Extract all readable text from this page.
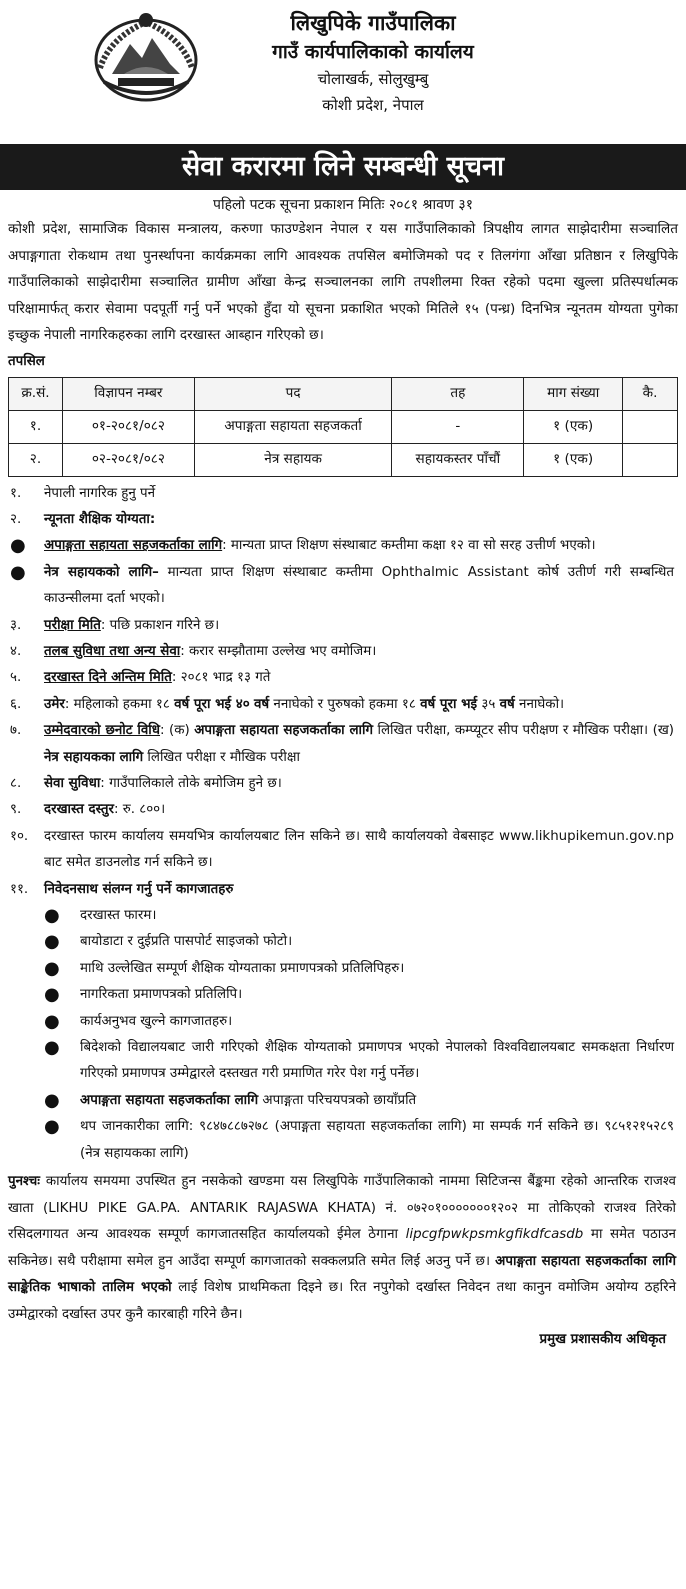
लिखुपिके गाउँपालिका
गाउँ कार्यपालिकाको कार्यालय
चोलाखर्क, सोलुखुम्बु
कोशी प्रदेश, नेपाल
सेवा करारमा लिने सम्बन्धी सूचना
पहिलो पटक सूचना प्रकाशन मितिः २०८१ श्रावण ३१
कोशी प्रदेश, सामाजिक विकास मन्त्रालय, करुणा फाउण्डेशन नेपाल र यस गाउँपालिकाको त्रिपक्षीय लागत साझेदारीमा सञ्चालित अपाङ्गगाता रोकथाम तथा पुनर्स्थापना कार्यक्रमका लागि आवश्यक तपसिल बमोजिमको पद र तिलगंगा आँखा प्रतिष्ठान र लिखुपिके गाउँपालिकाको साझेदारीमा सञ्चालित ग्रामीण आँखा केन्द्र सञ्चालनका लागि तपशीलमा रिक्त रहेको पदमा खुल्ला प्रतिस्पर्धात्मक परिक्षामार्फत् करार सेवामा पदपूर्ती गर्नु पर्ने भएको हुँदा यो सूचना प्रकाशित भएको मितिले १५ (पन्ध्र) दिनभित्र न्यूनतम योग्यता पुगेका इच्छुक नेपाली नागरिकहरुका लागि दरखास्त आब्हान गरिएको छ।
तपसिल
क्र.सं.	विज्ञापन नम्बर	पद	तह	माग संख्या	कै.
१.	०१-२०८१/०८२	अपाङ्गता सहायता सहजकर्ता	-	१ (एक)	
२.	०२-२०८१/०८२	नेत्र सहायक	सहायकस्तर पाँचौं	१ (एक)	
१.	नेपाली नागरिक हुनु पर्ने
२.	न्यूनता शैक्षिक योग्यता:
●	अपाङ्गता सहायता सहजकर्ताका लागि: मान्यता प्राप्त शिक्षण संस्थाबाट कम्तीमा कक्षा १२ वा सो सरह उत्तीर्ण भएको।
●	नेत्र सहायकको लागि– मान्यता प्राप्त शिक्षण संस्थाबाट कम्तीमा Ophthalmic Assistant कोर्ष उतीर्ण गरी सम्बन्धित काउन्सीलमा दर्ता भएको।
३.	परीक्षा मिति: पछि प्रकाशन गरिने छ।
४.	तलब सुविधा तथा अन्य सेवा: करार सम्झौतामा उल्लेख भए वमोजिम।
५.	दरखास्त दिने अन्तिम मिति: २०८१ भाद्र १३ गते
६.	उमेर: महिलाको हकमा १८ वर्ष पूरा भई ४० वर्ष ननाघेको र पुरुषको हकमा १८ वर्ष पूरा भई ३५ वर्ष ननाघेको।
७.	उम्मेदवारको छनोट विधि: (क) अपाङ्गता सहायता सहजकर्ताका लागि लिखित परीक्षा, कम्प्यूटर सीप परीक्षण र मौखिक परीक्षा। (ख) नेत्र सहायकका लागि लिखित परीक्षा र मौखिक परीक्षा
८.	सेवा सुविधा: गाउँपालिकाले तोके बमोजिम हुने छ।
९.	दरखास्त दस्तुर: रु. ८००।
१०.	दरखास्त फारम कार्यालय समयभित्र कार्यालयबाट लिन सकिने छ। साथै कार्यालयको वेबसाइट www.likhupikemun.gov.np बाट समेत डाउनलोड गर्न सकिने छ।
११.	निवेदनसाथ संलग्न गर्नु पर्ने कागजातहरु
●	दरखास्त फारम।
●	बायोडाटा र दुईप्रति पासपोर्ट साइजको फोटो।
●	माथि उल्लेखित सम्पूर्ण शैक्षिक योग्यताका प्रमाणपत्रको प्रतिलिपिहरु।
●	नागरिकता प्रमाणपत्रको प्रतिलिपि।
●	कार्यअनुभव खुल्ने कागजातहरु।
●	बिदेशको विद्यालयबाट जारी गरिएको शैक्षिक योग्यताको प्रमाणपत्र भएको नेपालको विश्वविद्यालयबाट समकक्षता निर्धारण गरिएको प्रमाणपत्र उम्मेद्वारले दस्तखत गरी प्रमाणित गरेर पेश गर्नु पर्नेछ।
●	अपाङ्गता सहायता सहजकर्ताका लागि अपाङ्गता परिचयपत्रको छायाँप्रति
●	थप जानकारीका लागि: ९८४७८८७२७८ (अपाङ्गता सहायता सहजकर्ताका लागि) मा सम्पर्क गर्न सकिने छ। ९८५१२१५२८९ (नेत्र सहायकका लागि)
पुनश्चः कार्यालय समयमा उपस्थित हुन नसकेको खण्डमा यस लिखुपिके गाउँपालिकाको नाममा सिटिजन्स बैंङ्कमा रहेको आन्तरिक राजश्व खाता (LIKHU PIKE GA.PA. ANTARIK RAJASWA KHATA) नं. ०७२०१०००००००१२०२ मा तोकिएको राजश्व तिरेको रसिदलगायत अन्य आवश्यक सम्पूर्ण कागजातसहित कार्यालयको ईमेल ठेगाना lipcgfpwkpsmkgfikdfcasdb मा समेत पठाउन सकिनेछ। सथै परीक्षामा समेल हुन आउँदा सम्पूर्ण कागजातको सक्कलप्रति समेत लिई अउनु पर्ने छ। अपाङ्गता सहायता सहजकर्ताका लागि साङ्केतिक भाषाको तालिम भएको लाई विशेष प्राथमिकता दिइने छ। रित नपुगेको दर्खास्त निवेदन तथा कानुन वमोजिम अयोग्य ठहरिने उम्मेद्वारको दर्खास्त उपर कुनै कारबाही गरिने छैन।
प्रमुख प्रशासकीय अधिकृत
